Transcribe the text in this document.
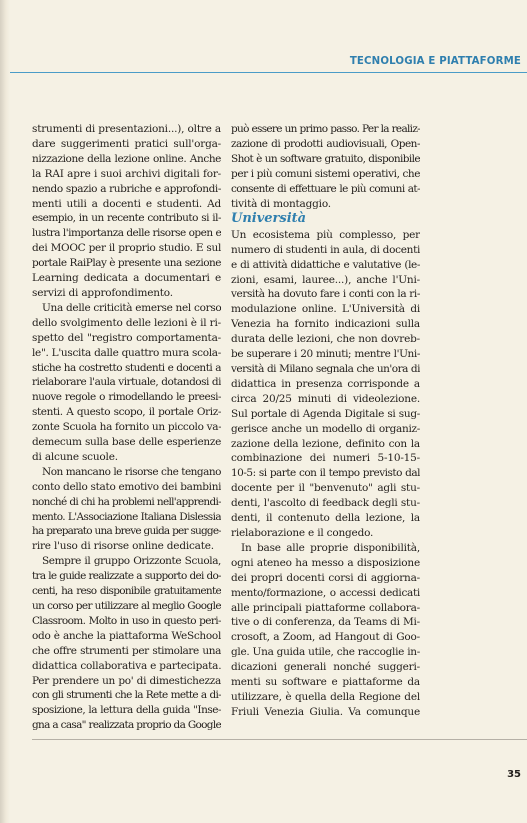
TECNOLOGIA E PIATTAFORME

strumenti di presentazioni...), oltre a

dare suggerimenti pratici sull'orga-

nizzazione della lezione online. Anche

la RAI apre i suoi archivi digitali for-

nendo spazio a rubriche e approfondi-

menti utili a docenti e studenti. Ad

esempio, in un recente contributo si il-

lustra l'importanza delle risorse open e

dei MOOC per il proprio studio. E sul

portale RaiPlay è presente una sezione

Learning dedicata a documentari e

servizi di approfondimento.

Una delle criticità emerse nel corso

dello svolgimento delle lezioni è il ri-

spetto del "registro comportamenta-

le". L'uscita dalle quattro mura scola-

stiche ha costretto studenti e docenti a

rielaborare l'aula virtuale, dotandosi di

nuove regole o rimodellando le preesi-

stenti. A questo scopo, il portale Oriz-

zonte Scuola ha fornito un piccolo va-

demecum sulla base delle esperienze

di alcune scuole.

Non mancano le risorse che tengano

conto dello stato emotivo dei bambini

nonché di chi ha problemi nell'apprendi-

mento. L'Associazione Italiana Dislessia

ha preparato una breve guida per sugge-

rire l'uso di risorse online dedicate.

Sempre il gruppo Orizzonte Scuola,

tra le guide realizzate a supporto dei do-

centi, ha reso disponibile gratuitamente

un corso per utilizzare al meglio Google

Classroom. Molto in uso in questo peri-

odo è anche la piattaforma WeSchool

che offre strumenti per stimolare una

didattica collaborativa e partecipata.

Per prendere un po' di dimestichezza

con gli strumenti che la Rete mette a di-

sposizione, la lettura della guida "Inse-

gna a casa" realizzata proprio da Google

può essere un primo passo. Per la realiz-

zazione di prodotti audiovisuali, Open-

Shot è un software gratuito, disponibile

per i più comuni sistemi operativi, che

consente di effettuare le più comuni at-

tività di montaggio.

Università

Un ecosistema più complesso, per

numero di studenti in aula, di docenti

e di attività didattiche e valutative (le-

zioni, esami, lauree...), anche l'Uni-

versità ha dovuto fare i conti con la ri-

modulazione online. L'Università di

Venezia ha fornito indicazioni sulla

durata delle lezioni, che non dovreb-

be superare i 20 minuti; mentre l'Uni-

versità di Milano segnala che un'ora di

didattica in presenza corrisponde a

circa 20/25 minuti di videolezione.

Sul portale di Agenda Digitale si sug-

gerisce anche un modello di organiz-

zazione della lezione, definito con la

combinazione dei numeri 5-10-15-

10-5: si parte con il tempo previsto dal

docente per il "benvenuto" agli stu-

denti, l'ascolto di feedback degli stu-

denti, il contenuto della lezione, la

rielaborazione e il congedo.

In base alle proprie disponibilità,

ogni ateneo ha messo a disposizione

dei propri docenti corsi di aggiorna-

mento/formazione, o accessi dedicati

alle principali piattaforme collabora-

tive o di conferenza, da Teams di Mi-

crosoft, a Zoom, ad Hangout di Goo-

gle. Una guida utile, che raccoglie in-

dicazioni generali nonché suggeri-

menti su software e piattaforme da

utilizzare, è quella della Regione del

Friuli Venezia Giulia. Va comunque

35
